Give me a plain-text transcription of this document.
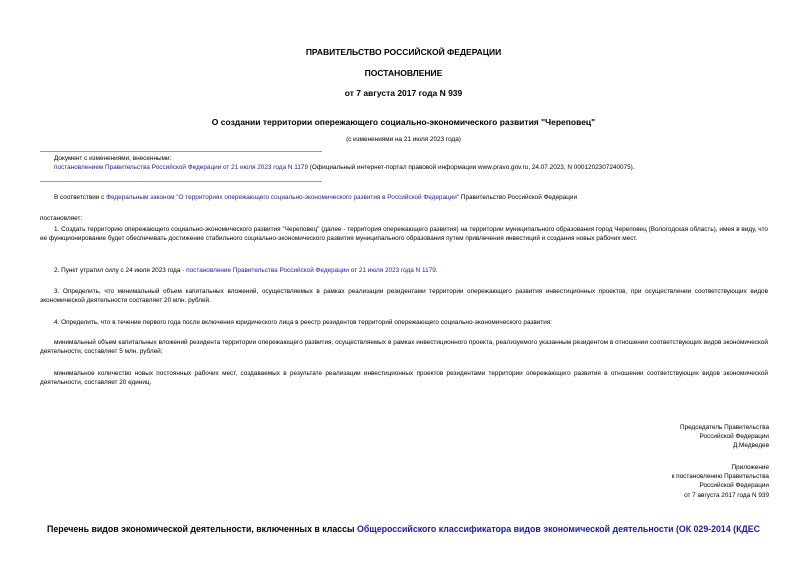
ПРАВИТЕЛЬСТВО РОССИЙСКОЙ ФЕДЕРАЦИИ
ПОСТАНОВЛЕНИЕ
от 7 августа 2017 года N 939
О создании территории опережающего социально-экономического развития "Череповец"
(с изменениями на 21 июля 2023 года)
Документ с изменениями, внесенными:
постановлением Правительства Российской Федерации от 21 июля 2023 года N 1179 (Официальный интернет-портал правовой информации www.pravo.gov.ru, 24.07.2023, N 0001202307240075).
В соответствии с Федеральным законом "О территориях опережающего социально-экономического развития в Российской Федерации" Правительство Российской Федерации
постановляет:
1. Создать территорию опережающего социально-экономического развития "Череповец" (далее - территория опережающего развития) на территории муниципального образования город Череповец (Вологодская область), имея в виду, что ее функционирование будет обеспечивать достижение стабильного социально-экономического развития муниципального образования путем привлечения инвестиций и создания новых рабочих мест.
2. Пункт утратил силу с 24 июля 2023 года - постановление Правительства Российской Федерации от 21 июля 2023 года N 1179.
3. Определить, что минимальный объем капитальных вложений, осуществляемых в рамках реализации резидентами территории опережающего развития инвестиционных проектов, при осуществлении соответствующих видов экономической деятельности составляет 20 млн. рублей.
4. Определить, что в течение первого года после включения юридического лица в реестр резидентов территорий опережающего социально-экономического развития:
минимальный объем капитальных вложений резидента территории опережающего развития, осуществляемых в рамках инвестиционного проекта, реализуемого указанным резидентом в отношении соответствующих видов экономической деятельности, составляет 5 млн. рублей;
минимальное количество новых постоянных рабочих мест, создаваемых в результате реализации инвестиционных проектов резидентами территории опережающего развития в отношении соответствующих видов экономической деятельности, составляет 20 единиц.
Председатель Правительства
Российской Федерации
Д.Медведев
Приложение
к постановлению Правительства
Российской Федерации
от 7 августа 2017 года N 939
Перечень видов экономической деятельности, включенных в классы Общероссийского классификатора видов экономической деятельности (ОК 029-2014 (КДЕС
